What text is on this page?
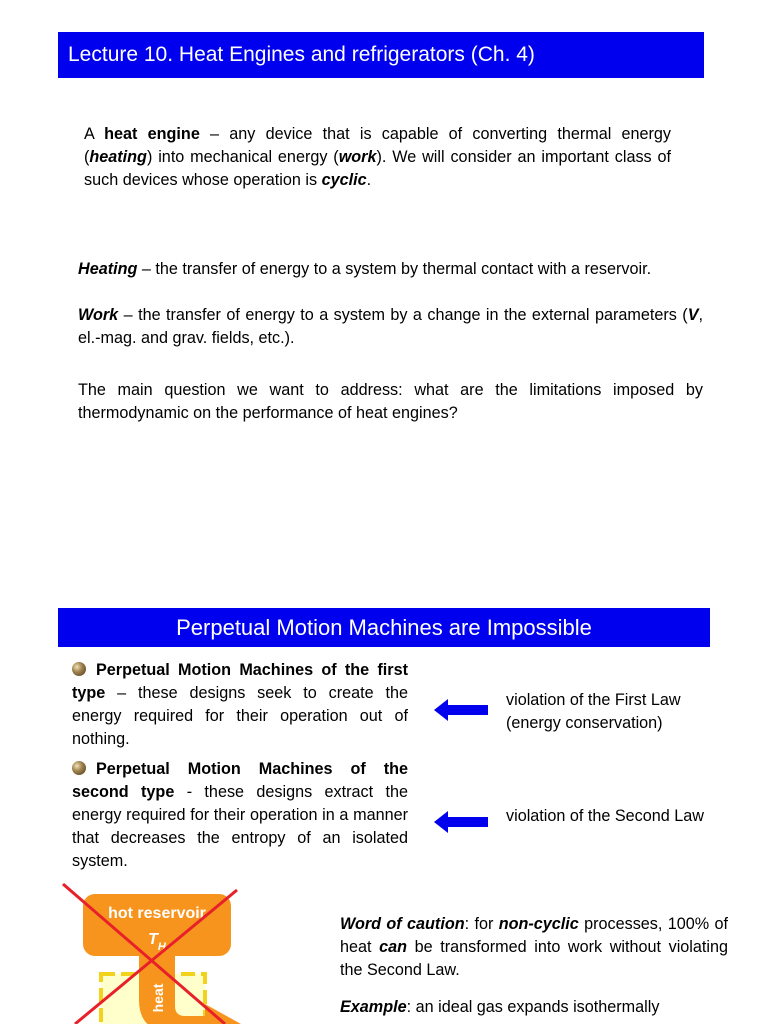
Lecture 10. Heat Engines and refrigerators (Ch. 4)
A heat engine – any device that is capable of converting thermal energy (heating) into mechanical energy (work). We will consider an important class of such devices whose operation is cyclic.
Heating – the transfer of energy to a system by thermal contact with a reservoir.
Work – the transfer of energy to a system by a change in the external parameters (V, el.-mag. and grav. fields, etc.).
The main question we want to address: what are the limitations imposed by thermodynamic on the performance of heat engines?
Perpetual Motion Machines are Impossible
Perpetual Motion Machines of the first type – these designs seek to create the energy required for their operation out of nothing.
violation of the First Law (energy conservation)
Perpetual Motion Machines of the second type - these designs extract the energy required for their operation in a manner that decreases the entropy of an isolated system.
violation of the Second Law
hot reservoir
$T_H$
heat
Word of caution: for non-cyclic processes, 100% of heat can be transformed into work without violating the Second Law.
Example: an ideal gas expands isothermally
